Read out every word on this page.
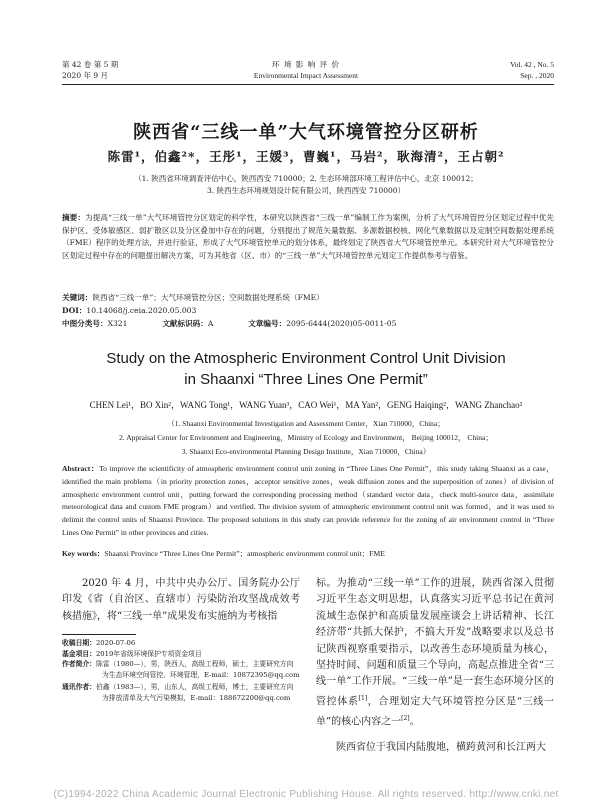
第 42 卷 第 5 期
2020 年 9 月
环 境 影 响 评 价
Environmental Impact Assessment
Vol. 42 , No. 5
Sep. , 2020
陕西省“三线一单”大气环境管控分区研析
陈雷¹，伯鑫²*，王彤¹，王媛³，曹巍¹，马岩²，耿海清²，王占朝²
（1. 陕西省环境调查评估中心，陕西西安 710000；2. 生态环境部环境工程评估中心，北京 100012；
3. 陕西生态环境规划设计院有限公司，陕西西安 710000）
摘要：为提高“三线一单”大气环境管控分区划定的科学性，本研究以陕西省“三线一单”编制工作为案例，分析了大气环境管控分区划定过程中优先保护区、受体敏感区、弱扩散区以及分区叠加中存在的问题，分别提出了规范矢量数据、多源数据校核、网化气象数据以及定制空间数据处理系统（FME）程序的处理方法，并进行验证，形成了大气环境管控单元的划分体系，最终划定了陕西省大气环境管控单元。本研究针对大气环境管控分区划定过程中存在的问题提出解决方案，可为其他省（区、市）的“三线一单”大气环境管控单元划定工作提供参考与借鉴。
关键词：陕西省“三线一单”；大气环境管控分区；空间数据处理系统（FME）
DOI：10.14068/j.ceia.2020.05.003
中图分类号：X321	文献标识码：A	文章编号：2095-6444(2020)05-0011-05
Study on the Atmospheric Environment Control Unit Division
in Shaanxi “Three Lines One Permit”
CHEN Lei¹，BO Xin²，WANG Tong¹，WANG Yuan³，CAO Wei¹，MA Yan²，GENG Haiqing²，WANG Zhanchao²
（1. Shaanxi Environmental Investigation and Assessment Center，Xian 710000，China；
2. Appraisal Center for Environment and Engineering，Ministry of Ecology and Environment， Beijing 100012， China；
3. Shaanxi Eco-environmental Planning Design Institute，Xian 710000，China）
Abstract：To improve the scientificity of atmospheric environment control unit zoning in “Three Lines One Permit”，this study taking Shaanxi as a case，identified the main problems（in priority protection zones，acceptor sensitive zones，weak diffusion zones and the superposition of zones）of division of atmospheric environment control unit，putting forward the corresponding processing method（standard vector data，check multi-source data，assimilate meteorological data and custom FME program）and verified. The division system of atmospheric environment control unit was formed，and it was used to delimit the control units of Shaanxi Province. The proposed solutions in this study can provide reference for the zoning of air environment control in “Three Lines One Permit” in other provinces and cities.
Key words：Shaanxi Province “Three Lines One Permit”；atmospheric environment control unit；FME
2020 年 4 月，中共中央办公厅、国务院办公厅印发《省（自治区、直辖市）污染防治攻坚战成效考核措施》，将“三线一单”成果发布实施纳为考核指
收稿日期：2020-07-06
基金项目：2019年省级环境保护专项资金项目
作者简介：陈雷（1980—），男，陕西人，高级工程师，硕士，主要研究方向为生态环境空间管控、环境管理，E-mail：10872395@qq.com
通讯作者：伯鑫（1983—），男，山东人，高级工程师，博士，主要研究方向为排放清单及大气污染模拟，E-mail：188672200@qq.com
标。为推动“三线一单”工作的进展，陕西省深入贯彻习近平生态文明思想，认真落实习近平总书记在黄河流域生态保护和高质量发展座谈会上讲话精神、长江经济带“共抓大保护，不搞大开发”战略要求以及总书记陕西视察重要指示，以改善生态环境质量为核心，坚持时间、问题和质量三个导向，高起点推进全省“三线一单”工作开展。“三线一单”是一套生态环境分区的管控体系[1]，合理划定大气环境管控分区是“三线一单”的核心内容之一[2]。
陕西省位于我国内陆腹地，横跨黄河和长江两大
(C)1994-2022 China Academic Journal Electronic Publishing House. All rights reserved. http://www.cnki.net
